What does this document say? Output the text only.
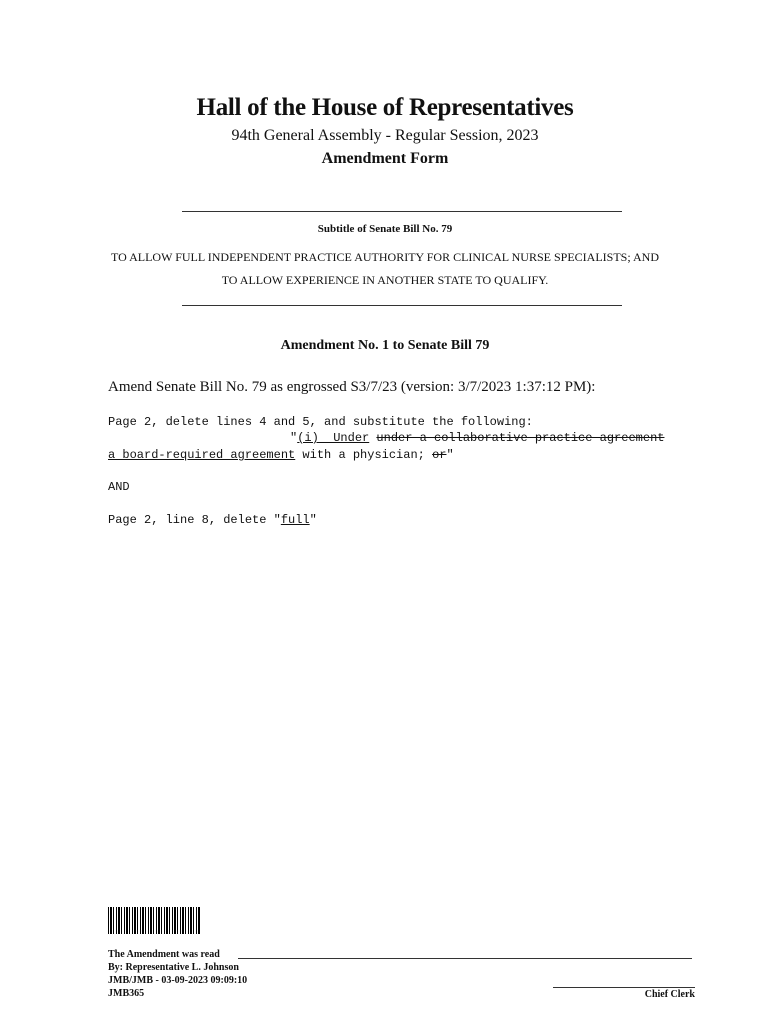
Hall of the House of Representatives
94th General Assembly - Regular Session, 2023
Amendment Form
Subtitle of Senate Bill No. 79
TO ALLOW FULL INDEPENDENT PRACTICE AUTHORITY FOR CLINICAL NURSE SPECIALISTS; AND
TO ALLOW EXPERIENCE IN ANOTHER STATE TO QUALIFY.
Amendment No. 1 to Senate Bill 79
Amend Senate Bill No. 79 as engrossed S3/7/23 (version: 3/7/2023 1:37:12 PM):
Page 2, delete lines 4 and 5, and substitute the following:
"(i)  Under under a collaborative practice agreement
a board-required agreement with a physician; or"
AND
Page 2, line 8, delete "full"
The Amendment was read
By: Representative L. Johnson
JMB/JMB - 03-09-2023 09:09:10
JMB365	Chief Clerk
